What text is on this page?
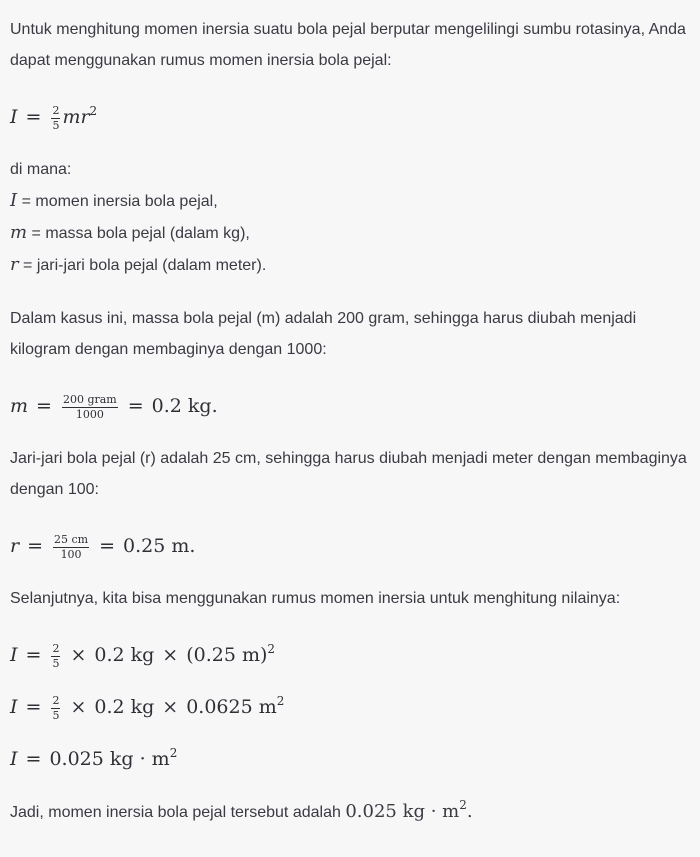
Untuk menghitung momen inersia suatu bola pejal berputar mengelilingi sumbu rotasinya, Anda dapat menggunakan rumus momen inersia bola pejal:

$I = \frac{2}{5} mr^2$

di mana:

I = momen inersia bola pejal,

m = massa bola pejal (dalam kg),

r = jari-jari bola pejal (dalam meter).

Dalam kasus ini, massa bola pejal (m) adalah 200 gram, sehingga harus diubah menjadi kilogram dengan membaginya dengan 1000:

$m = \frac{\text{200 gram}}{1000} = 0.2$ kg.

Jari-jari bola pejal (r) adalah 25 cm, sehingga harus diubah menjadi meter dengan membaginya dengan 100:

$r = \frac{25 cm}{100} = 0.25$ m.

Selanjutnya, kita bisa menggunakan rumus momen inersia untuk menghitung nilainya:

$I = \frac{2}{5} \times 0.2$ kg × (0.25 m)$^2$
$I = \frac{2}{5} \times 0.2$ kg × 0.0625 $m^2$
I = 0.025 kg · $m^2$

Jadi, momen inersia bola pejal tersebut adalah 0.025 kg · $m^2$.
